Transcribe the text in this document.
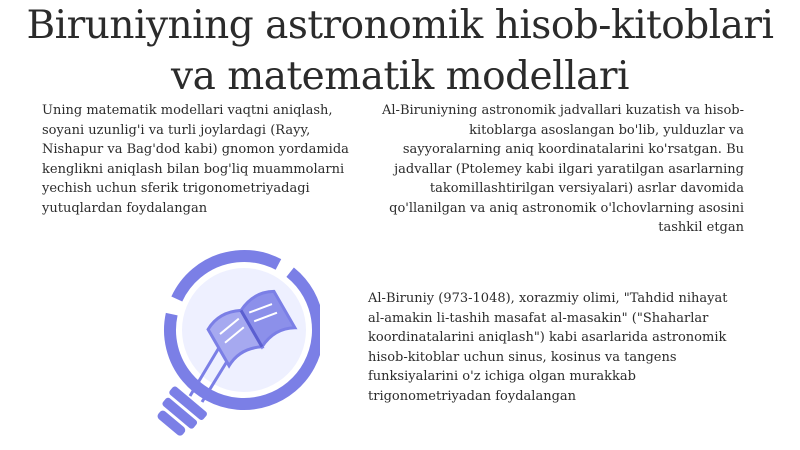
Biruniyning astronomik hisob-kitoblari va matematik modellari

Uning matematik modellari vaqtni aniqlash, soyani uzunlig'i va turli joylardagi (Rayy, Nishapur va Bag'dod kabi) gnomon yordamida kenglikni aniqlash bilan bog'liq muammolarni yechish uchun sferik trigonometriyadagi yutuqlardan foydalangan

Al-Biruniyning astronomik jadvallari kuzatish va hisob-kitoblarga asoslangan bo'lib, yulduzlar va sayyoralarning aniq koordinatalarini ko'rsatgan. Bu jadvallar (Ptolemey kabi ilgari yaratilgan asarlarning takomillashtirilgan versiyalari) asrlar davomida qo'llanilgan va aniq astronomik o'lchovlarning asosini tashkil etgan

Al-Biruniy (973-1048), xorazmiy olimi, "Tahdid nihayat al-amakin li-tashih masafat al-masakin" ("Shaharlar koordinatalarini aniqlash") kabi asarlarida astronomik hisob-kitoblar uchun sinus, kosinus va tangens funksiyalarini o'z ichiga olgan murakkab trigonometriyadan foydalangan
